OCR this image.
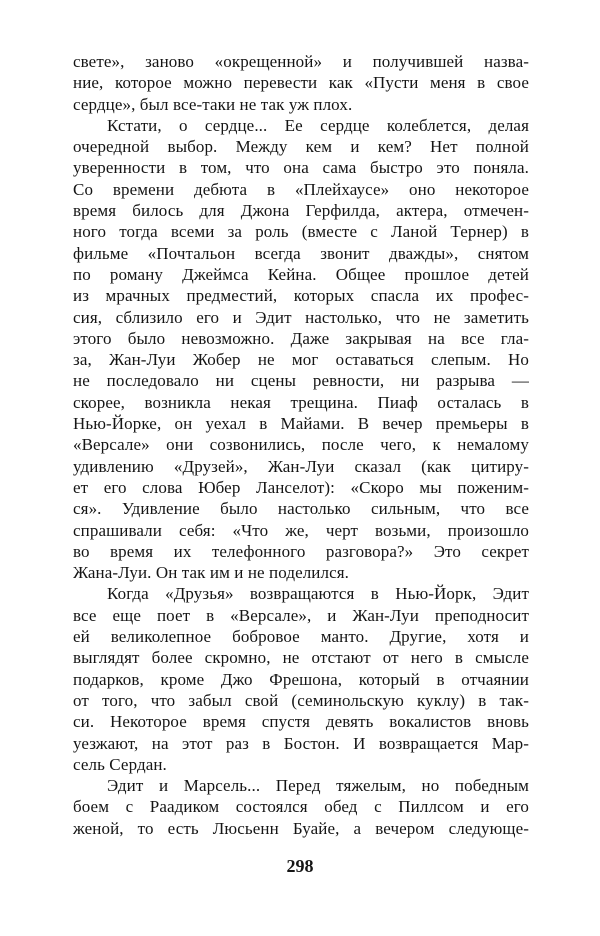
свете», заново «окрещенной» и получившей назва-
ние, которое можно перевести как «Пусти меня в свое
сердце», был все-таки не так уж плох.
Кстати, о сердце... Ее сердце колеблется, делая
очередной выбор. Между кем и кем? Нет полной
уверенности в том, что она сама быстро это поняла.
Со времени дебюта в «Плейхаусе» оно некоторое
время билось для Джона Герфилда, актера, отмечен-
ного тогда всеми за роль (вместе с Ланой Тернер) в
фильме «Почтальон всегда звонит дважды», снятом
по роману Джеймса Кейна. Общее прошлое детей
из мрачных предместий, которых спасла их профес-
сия, сблизило его и Эдит настолько, что не заметить
этого было невозможно. Даже закрывая на все гла-
за, Жан-Луи Жобер не мог оставаться слепым. Но
не последовало ни сцены ревности, ни разрыва —
скорее, возникла некая трещина. Пиаф осталась в
Нью-Йорке, он уехал в Майами. В вечер премьеры в
«Версале» они созвонились, после чего, к немалому
удивлению «Друзей», Жан-Луи сказал (как цитиру-
ет его слова Юбер Ланселот): «Скоро мы поженим-
ся». Удивление было настолько сильным, что все
спрашивали себя: «Что же, черт возьми, произошло
во время их телефонного разговора?» Это секрет
Жана-Луи. Он так им и не поделился.
Когда «Друзья» возвращаются в Нью-Йорк, Эдит
все еще поет в «Версале», и Жан-Луи преподносит
ей великолепное бобровое манто. Другие, хотя и
выглядят более скромно, не отстают от него в смысле
подарков, кроме Джо Фрешона, который в отчаянии
от того, что забыл свой (семинольскую куклу) в так-
си. Некоторое время спустя девять вокалистов вновь
уезжают, на этот раз в Бостон. И возвращается Мар-
сель Сердан.
Эдит и Марсель... Перед тяжелым, но победным
боем с Раадиком состоялся обед с Пиллсом и его
женой, то есть Люсьенн Буайе, а вечером следующе-
298
